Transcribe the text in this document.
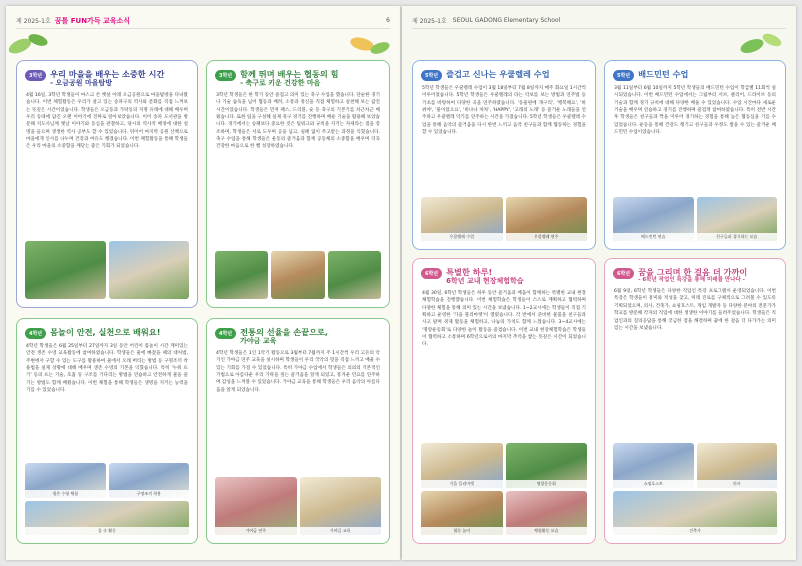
제 2025-1호 꿈틀 FUN가득 교육소식	6
3학년 우리 마을을 배우는 소중한 시간
- 오금공원 마을탐방
4월 16일, 3학년 학생들이 마스크 쓴 햇살 아래 오금공원으로 마을탐방을 다녀왔습니다. 이번 체험활동은 우리가 살고 있는 송파구의 역사와 문화를 직접 느껴보는 뜻깊은 시간이었습니다. 학생들은 오금동과 가락동의 지명 유래에 대해 배우며 우리 동네에 담긴 오랜 이야기에 진짜로 알아보았습니다. 이어 송파 도서관을 방문해 지도사님께 옛날 이야기와 동심을 관찰하고, 당시의 역사적 배경에 대한 설명을 들으며 생생한 역사 공부도 할 수 있었습니다. 뒤이어 마지막 공원 산책으로 마을에게 인사를 나누며 건강과 여유도 챙겼습니다. 이번 체험활동을 통해 학생들은 우리 마을의 소중함을 깨닫는 좋은 기회가 되었습니다.
3학년 함께 뛰며 배우는 협동의 힘
- 축구로 키운 건강한 마음
3학년 학생들은 한 학기 동안 즐겁고 의미 있는 축구 수업을 했습니다. 단순한 경기나 기술 습득을 넘어 협동과 배려, 소통과 정신을 직접 체험하고 실천해 보는 값진 시간이었습니다. 학생들은 먼저 패스, 드리블, 슛 등 축구의 기본기를 차근차근 배웠습니다. 또한 팀을 구성해 실제 축구 경기를 진행하며 배운 기술을 활용해 보았습니다. 경기에서는 승패보다 중요한 것은 팀워크와 규칙을 지키는 자세라는 점을 강조하며, 학생들은 서로 도우며 공을 넘고, 실패 없이 주고받는 과정을 익혔습니다. 축구 수업을 통해 학생들은 운동의 즐거움과 함께 공동체의 소중함을 배우며 더욱 건강한 마음으로 한 뼘 성장하였습니다.
4학년 몸놀이 안전, 실천으로 배워요!
4학년 학생들은 6월 25일부터 27일까지 3일 동안 어린이 몸놀이 시간 재미있는 안전 생존 수영 교육활동에 참여하였습니다. 학생들은 물에 빠졌을 때의 대처법, 주변에서 구할 수 있는 도구를 활용하여 물에서 오래 버티는 방법 등 구명조끼 착용법을 실제 상황에 대해 배우며 생존 수영의 기본을 익혔습니다. 특히 '누워 뜨기' 등의 뜨는 기술, 호흡 등 구조를 기다리는 방법을 연습하고 안전하게 물을 즐기는 방법도 함께 배웠습니다. 이번 체험을 통해 학생들은 생명을 지키는 능력을 기를 수 있었습니다.
생존 수영 체험	구명조끼 착용
물 속 활동
4학년 전통의 선율을 손끝으로,
가야금 교육
4학년 학생들은 1인 1악기 활동으로 3월부터 7월까지 주 1시간씩 우리 고유의 악기인 가야금 연주 교육을 실시하며 학생들이 우리 국악의 멋을 직접 느끼고 배울 수 있는 기회를 가질 수 있었습니다. 특히 가야금 수업에서 학생들은 의외의 기본적인 기법으로 아름다운 우리 가락을 짚는 즐거움을 알게 되었고, 흥겨운 민요를 연주하며 감성을 느껴볼 수 있었습니다. 가야금 교육을 통해 학생들은 우리 음악의 아름다움을 알게 되었습니다.
가야금 연주	가야금 교육
제 2025-1호 SEOUL GADONG Elementary School
5학년 즐겁고 신나는 우쿨렐레 수업
5학년 학생들은 우쿨렐레 수업이 3월 18일부터 7월 8일까지 매주 화요일 1시간씩 이루어졌습니다. 5학년 학생들은 우쿨렐레의 타는 악보를 보는 방법과 연주법 등 기초를 바탕하여 다양한 곡을 연주하였습니다. '동물원에 개구리', '행복해요', '바위야', '물이었으요', '비나나 차차', 'HAPPY', '고래의 노래' 등 즐거운 노래들을 연주하고 우쿨렐레 악기를 연주하는 시간을 가졌습니다. 5학년 학생들은 우쿨렐레 수업을 통해 음악의 즐거움을 다시 한번 느끼고 음악 친구들과 함께 협동하는 경험을 할 수 있었습니다.
우쿨렐레 수업	우쿨렐레 연주
5학년 배드민턴 수업
3월 11일부터 6월 10일까지 5학년 학생들의 배드민턴 수업이 학급별 11회씩 실시되었습니다. 이번 배드민턴 수업에서는 그립부터 서브, 클리어, 드라이브 등의 기술과 함께 경기 규칙에 대해 다양한 배울 수 있었습니다. 수업 시간마다 새로운 기술을 배우며 연습하고 경기를 진행하며 즐겁게 참여하였습니다. 특히 전반 시간 후 학생들은 친구들과 짝을 이루어 경기하는 경험을 통해 높은 협동심을 기를 수 있었습니다. 운동을 통해 건강도 챙기고 친구들과 우정도 쌓을 수 있는 즐거운 배드민턴 수업이었습니다.
배드민턴 연습	친구들과 경기하는 모습
6학년 특별한 하루!
6학년 교내 현장체험학습
4월 30일, 6학년 학생들은 하루 동안 즐거움과 배움이 함께하는 특별한 교내 현장체험학습을 진행했습니다. 이번 체험학습은 학생들이 스스로 계획하고 협력하며 다양한 체험을 통해 의미 있는 시간을 보냈습니다. 1~2교시에는 학생들이 직접 기획하고 운영한 '가을 플리마켓'이 열렸습니다. 각 반에서 준비한 물품을 친구들과 사고 팔며 경제 활동을 체험하고, 나눔의 가치도 함께 느꼈습니다. 3~4교시에는 '명랑운동회'로 다양한 놀이 활동을 즐겼습니다. 이번 교내 현장체험학습은 학생들이 협력하고 소통하며 6학년으로서의 마지막 추억을 쌓는 뜻깊은 시간이 되었습니다.
가을 플리마켓	명랑운동회
협동 놀이	체험활동 모습
6학년 꿈을 그리며 한 걸음 더 가까이
- 6학년 작업인 특강을 통해 미래를 만나다 -
6월 9일, 6학년 학생들은 다양한 직업인 특강 프로그램이 운영되었습니다. 이번 특강은 학생들이 흥미와 적성을 찾고, 미래 진로를 구체적으로 그려볼 수 있도록 기획되었으며, 의사, 건축가, 쇼핑호스트, 게임 개발자 등 다양한 분야의 전문가가 학교를 방문해 각자의 직업에 대한 생생한 이야기를 들려주었습니다. 학생들은 직업인과의 질의응답을 통해 궁금한 점을 해결하며 꿈에 한 걸음 더 다가가는 의미 있는 시간을 보냈습니다.
쇼핑호스트	의사
건축가
